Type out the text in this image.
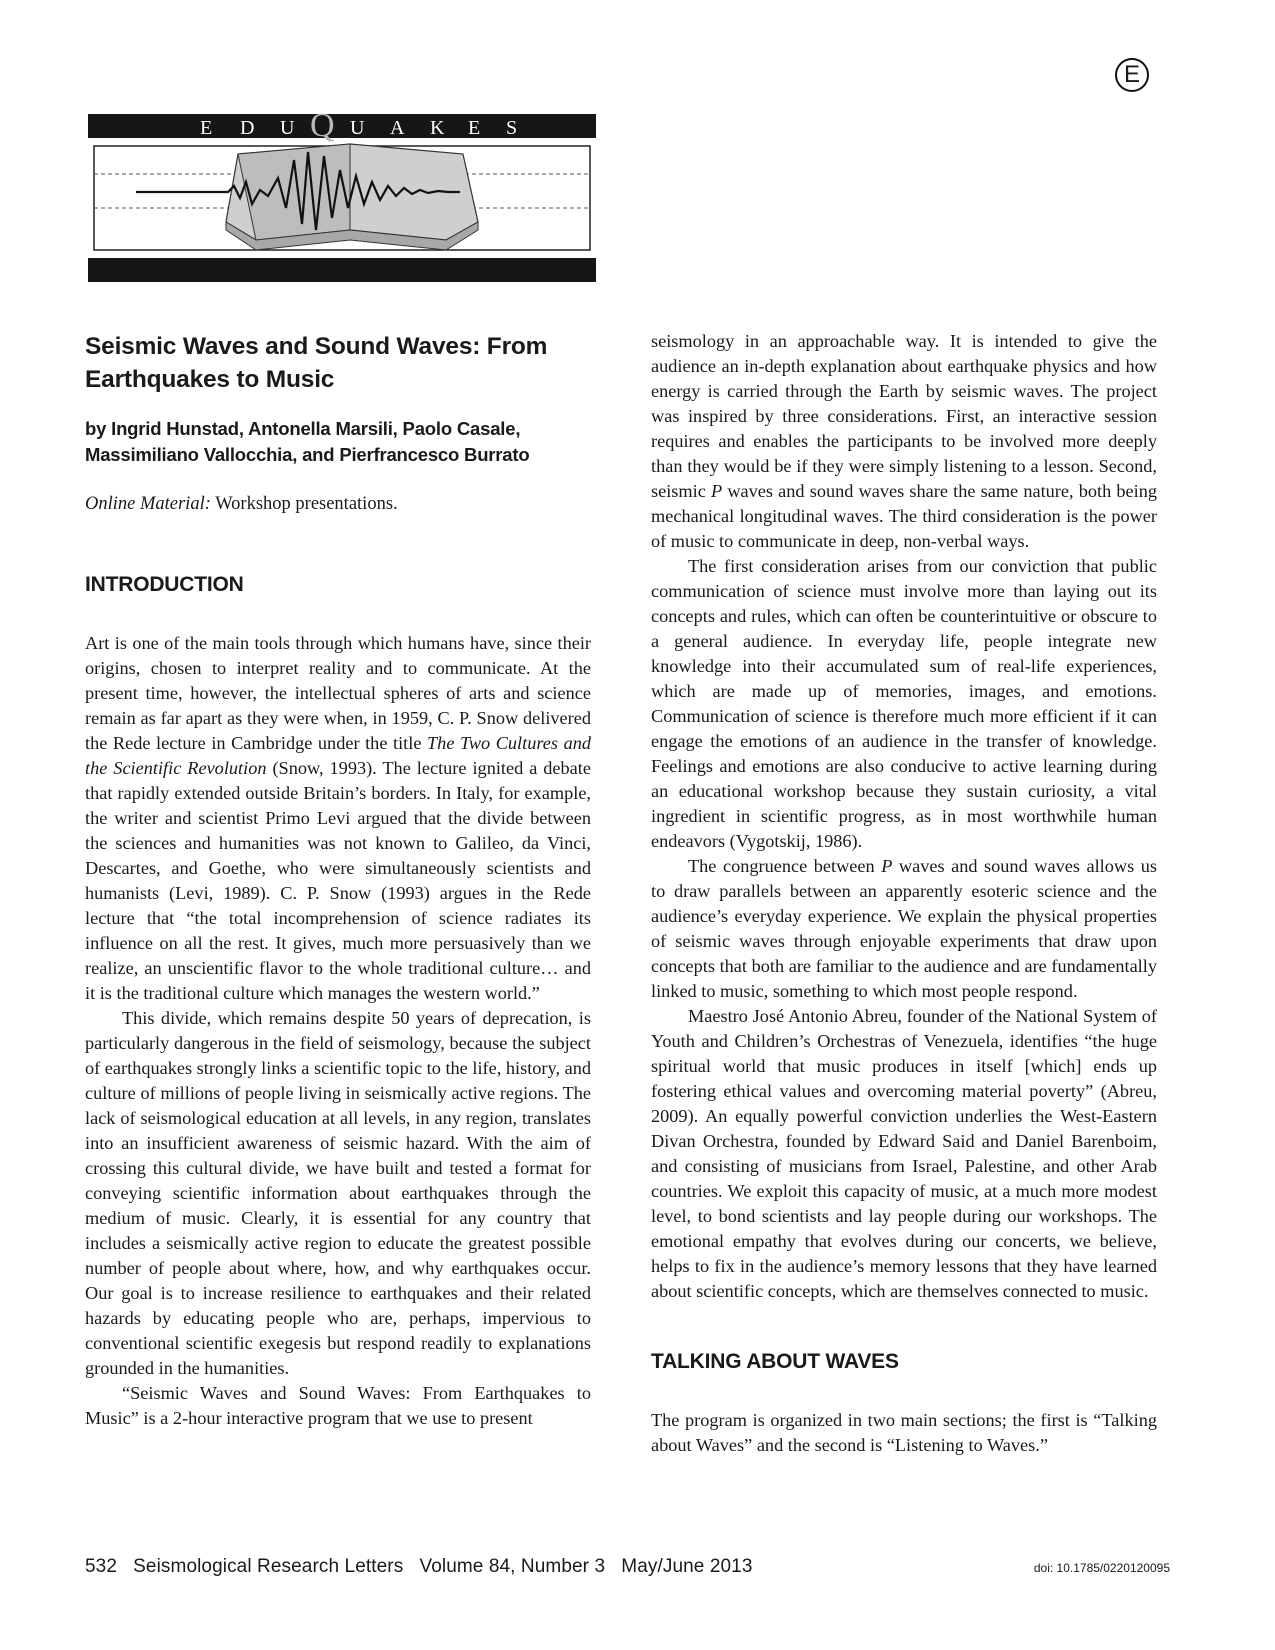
E
E D U Q U A K E S
Seismic Waves and Sound Waves: From Earthquakes to Music
by Ingrid Hunstad, Antonella Marsili, Paolo Casale, Massimiliano Vallocchia, and Pierfrancesco Burrato
Online Material: Workshop presentations.
INTRODUCTION

Art is one of the main tools through which humans have, since their origins, chosen to interpret reality and to communicate. At the present time, however, the intellectual spheres of arts and science remain as far apart as they were when, in 1959, C. P. Snow delivered the Rede lecture in Cambridge under the title The Two Cultures and the Scientific Revolution (Snow, 1993). The lecture ignited a debate that rapidly extended outside Britain’s borders. In Italy, for example, the writer and scientist Primo Levi argued that the divide between the sciences and humanities was not known to Galileo, da Vinci, Descartes, and Goethe, who were simultaneously scientists and humanists (Levi, 1989). C. P. Snow (1993) argues in the Rede lecture that “the total incomprehension of science radiates its influence on all the rest. It gives, much more persuasively than we realize, an unscientific flavor to the whole traditional culture… and it is the traditional culture which manages the western world.”

This divide, which remains despite 50 years of deprecation, is particularly dangerous in the field of seismology, because the subject of earthquakes strongly links a scientific topic to the life, history, and culture of millions of people living in seismically active regions. The lack of seismological education at all levels, in any region, translates into an insufficient awareness of seismic hazard. With the aim of crossing this cultural divide, we have built and tested a format for conveying scientific information about earthquakes through the medium of music. Clearly, it is essential for any country that includes a seismically active region to educate the greatest possible number of people about where, how, and why earthquakes occur. Our goal is to increase resilience to earthquakes and their related hazards by educating people who are, perhaps, impervious to conventional scientific exegesis but respond readily to explanations grounded in the humanities.

“Seismic Waves and Sound Waves: From Earthquakes to Music” is a 2-hour interactive program that we use to present

seismology in an approachable way. It is intended to give the audience an in-depth explanation about earthquake physics and how energy is carried through the Earth by seismic waves. The project was inspired by three considerations. First, an interactive session requires and enables the participants to be involved more deeply than they would be if they were simply listening to a lesson. Second, seismic P waves and sound waves share the same nature, both being mechanical longitudinal waves. The third consideration is the power of music to communicate in deep, non-verbal ways.

The first consideration arises from our conviction that public communication of science must involve more than laying out its concepts and rules, which can often be counterintuitive or obscure to a general audience. In everyday life, people integrate new knowledge into their accumulated sum of real-life experiences, which are made up of memories, images, and emotions. Communication of science is therefore much more efficient if it can engage the emotions of an audience in the transfer of knowledge. Feelings and emotions are also conducive to active learning during an educational workshop because they sustain curiosity, a vital ingredient in scientific progress, as in most worthwhile human endeavors (Vygotskij, 1986).

The congruence between P waves and sound waves allows us to draw parallels between an apparently esoteric science and the audience’s everyday experience. We explain the physical properties of seismic waves through enjoyable experiments that draw upon concepts that both are familiar to the audience and are fundamentally linked to music, something to which most people respond.

Maestro José Antonio Abreu, founder of the National System of Youth and Children’s Orchestras of Venezuela, identifies “the huge spiritual world that music produces in itself [which] ends up fostering ethical values and overcoming material poverty” (Abreu, 2009). An equally powerful conviction underlies the West-Eastern Divan Orchestra, founded by Edward Said and Daniel Barenboim, and consisting of musicians from Israel, Palestine, and other Arab countries. We exploit this capacity of music, at a much more modest level, to bond scientists and lay people during our workshops. The emotional empathy that evolves during our concerts, we believe, helps to fix in the audience’s memory lessons that they have learned about scientific concepts, which are themselves connected to music.

TALKING ABOUT WAVES

The program is organized in two main sections; the first is “Talking about Waves” and the second is “Listening to Waves.”

532 Seismological Research Letters Volume 84, Number 3 May/June 2013	doi: 10.1785/0220120095
